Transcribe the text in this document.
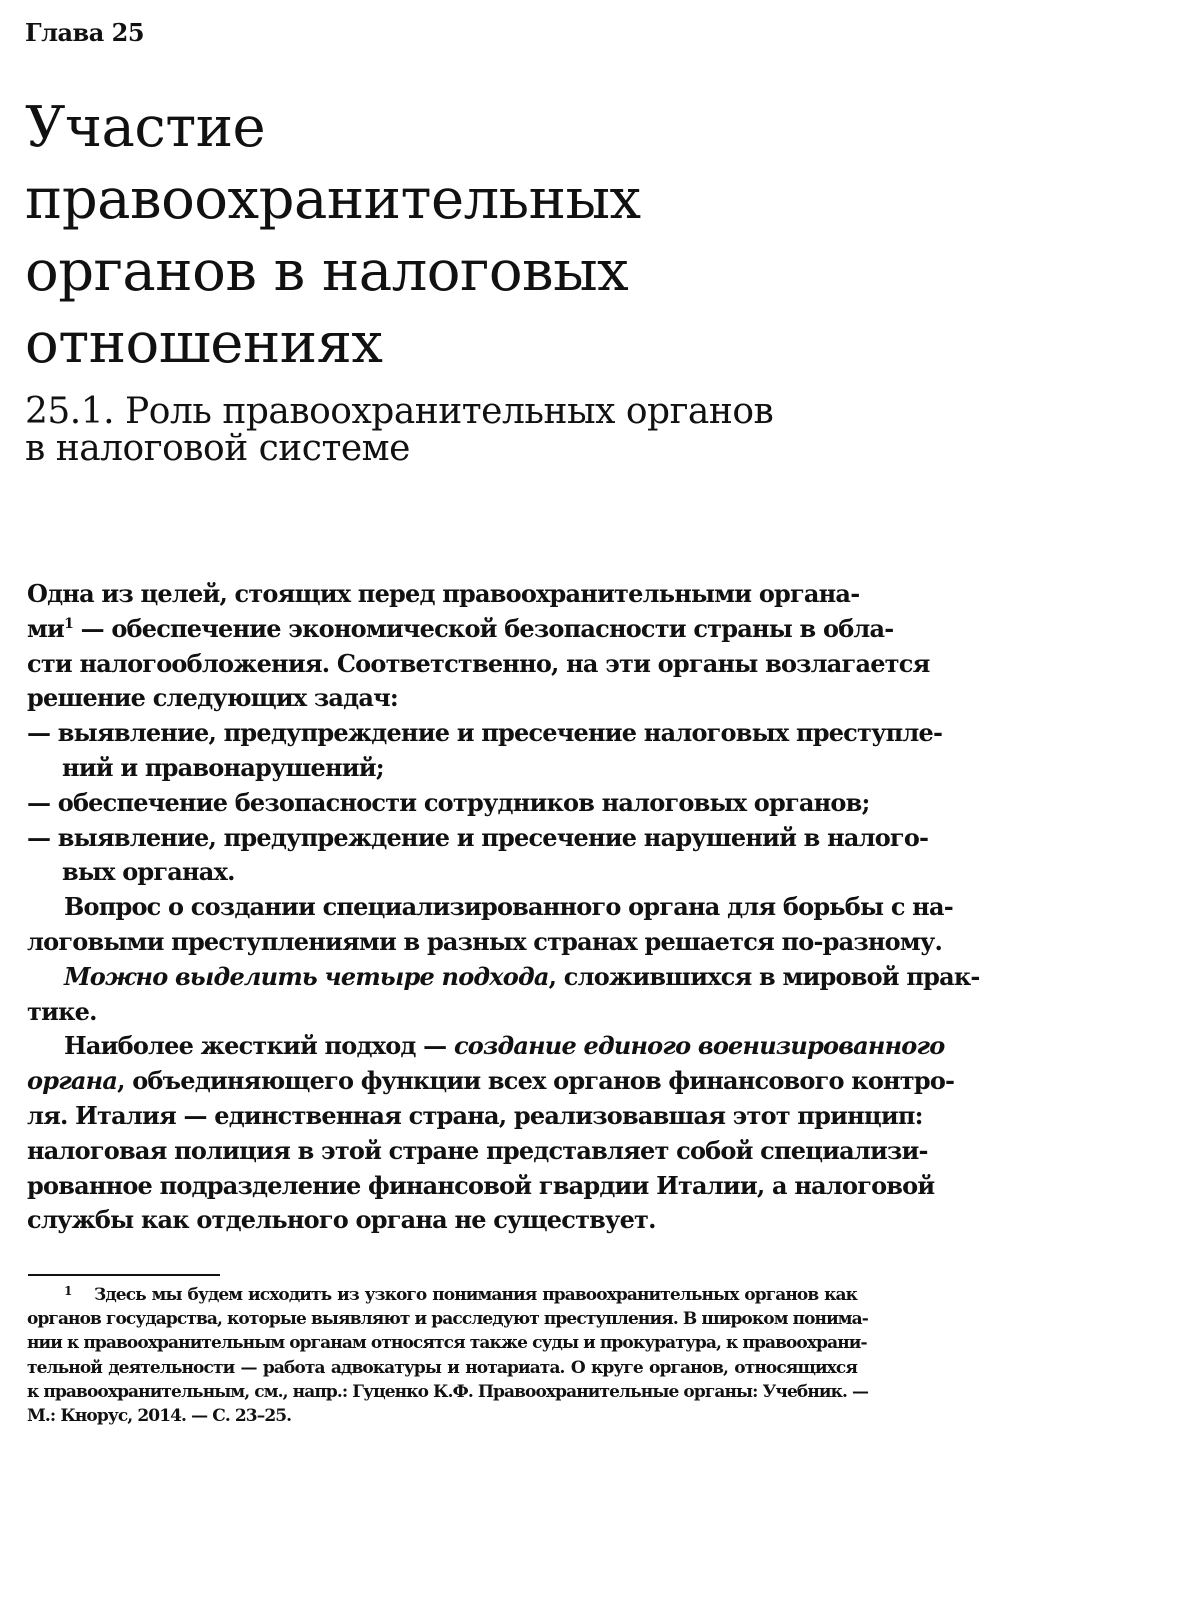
Глава 25
Участие
правоохранительных
органов в налоговых
отношениях
25.1. Роль правоохранительных органов
в налоговой системе
Одна из целей, стоящих перед правоохранительными органа-
ми$^1$ — обеспечение экономической безопасности страны в обла-
сти налогообложения. Соответственно, на эти органы возлагается
решение следующих задач:
— выявление, предупреждение и пресечение налоговых преступле-
ний и правонарушений;
— обеспечение безопасности сотрудников налоговых органов;
— выявление, предупреждение и пресечение нарушений в налого-
вых органах.
Вопрос о создании специализированного органа для борьбы с на-
логовыми преступлениями в разных странах решается по-разному.
Можно выделить четыре подхода, сложившихся в мировой прак-
тике.
Наиболее жесткий подход — создание единого военизированного
органа, объединяющего функции всех органов финансового контро-
ля. Италия — единственная страна, реализовавшая этот принцип:
налоговая полиция в этой стране представляет собой специализи-
рованное подразделение финансовой гвардии Италии, а налоговой
службы как отдельного органа не существует.
1 Здесь мы будем исходить из узкого понимания правоохранительных органов как
органов государства, которые выявляют и расследуют преступления. В широком понима-
нии к правоохранительным органам относятся также суды и прокуратура, к правоохрани-
тельной деятельности — работа адвокатуры и нотариата. О круге органов, относящихся
к правоохранительным, см., напр.: Гуценко К.Ф. Правоохранительные органы: Учебник. —
М.: Кнорус, 2014. — С. 23–25.
